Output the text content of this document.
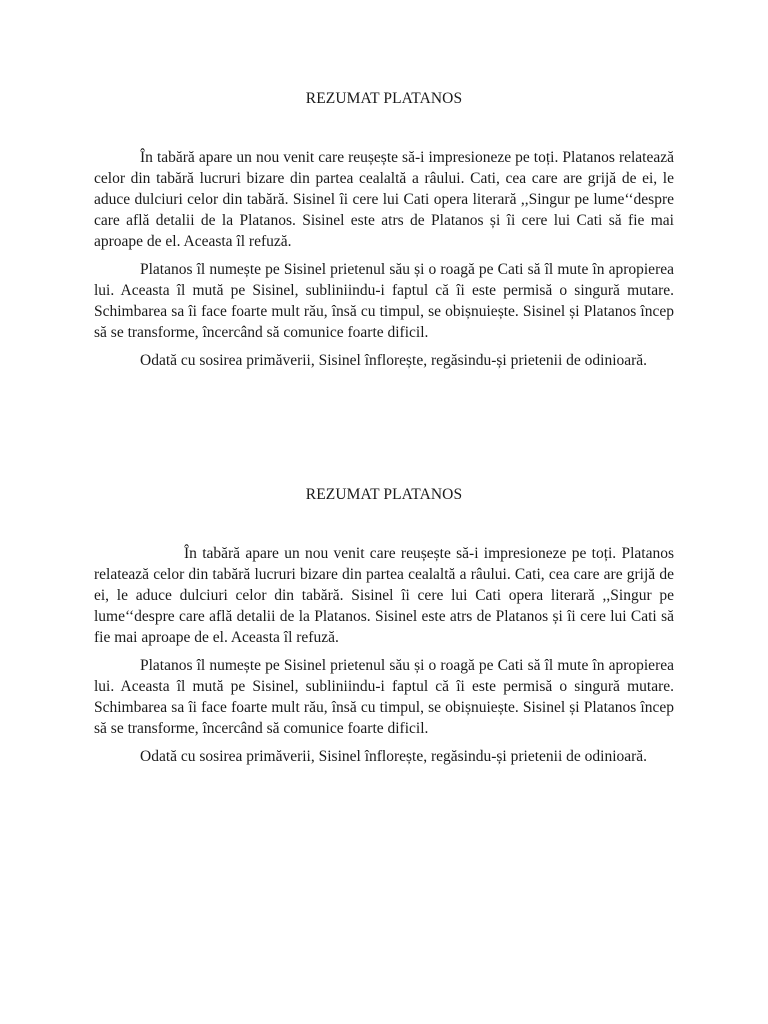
REZUMAT PLATANOS

În tabără apare un nou venit care reușește să-i impresioneze pe toți. Platanos relatează celor din tabără lucruri bizare din partea cealaltă a râului. Cati, cea care are grijă de ei, le aduce dulciuri celor din tabără. Sisinel îi cere lui Cati opera literară ,,Singur pe lume‘‘despre care află detalii de la Platanos. Sisinel este atrs de Platanos și îi cere lui Cati să fie mai aproape de el. Aceasta îl refuză.

Platanos îl numește pe Sisinel prietenul său și o roagă pe Cati să îl mute în apropierea lui. Aceasta îl mută pe Sisinel, subliniindu-i faptul că îi este permisă o singură mutare. Schimbarea sa îi face foarte mult rău, însă cu timpul, se obișnuiește. Sisinel și Platanos încep să se transforme, încercând să comunice foarte dificil.

Odată cu sosirea primăverii, Sisinel înflorește, regăsindu-și prietenii de odinioară.

REZUMAT PLATANOS

În tabără apare un nou venit care reușește să-i impresioneze pe toți. Platanos relatează celor din tabără lucruri bizare din partea cealaltă a râului. Cati, cea care are grijă de ei, le aduce dulciuri celor din tabără. Sisinel îi cere lui Cati opera literară ,,Singur pe lume‘‘despre care află detalii de la Platanos. Sisinel este atrs de Platanos și îi cere lui Cati să fie mai aproape de el. Aceasta îl refuză.

Platanos îl numește pe Sisinel prietenul său și o roagă pe Cati să îl mute în apropierea lui. Aceasta îl mută pe Sisinel, subliniindu-i faptul că îi este permisă o singură mutare. Schimbarea sa îi face foarte mult rău, însă cu timpul, se obișnuiește. Sisinel și Platanos încep să se transforme, încercând să comunice foarte dificil.

Odată cu sosirea primăverii, Sisinel înflorește, regăsindu-și prietenii de odinioară.
